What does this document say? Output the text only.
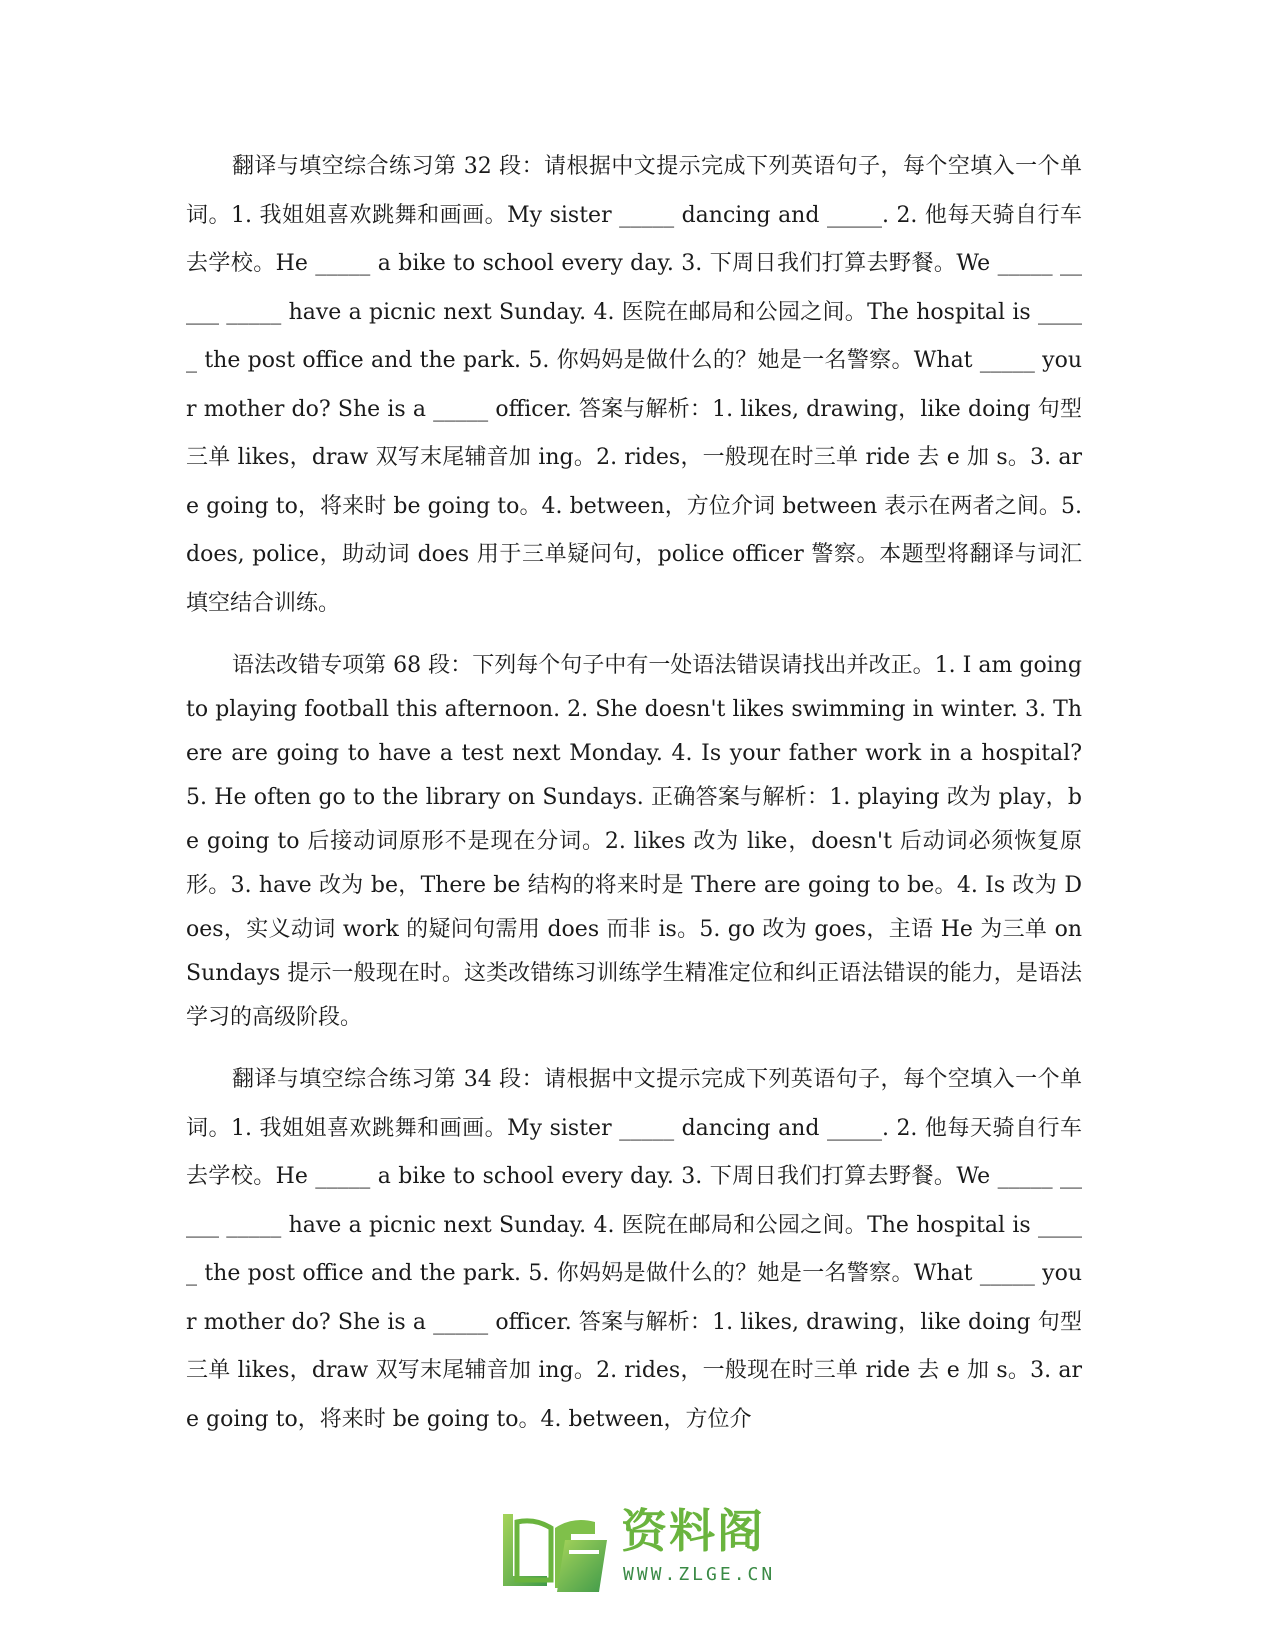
翻译与填空综合练习第 32 段：请根据中文提示完成下列英语句子，每个空填入一个单词。1. 我姐姐喜欢跳舞和画画。My sister _____ dancing and _____. 2. 他每天骑自行车去学校。He _____ a bike to school every day. 3. 下周日我们打算去野餐。We _____ _____ _____ have a picnic next Sunday. 4. 医院在邮局和公园之间。The hospital is _____ the post office and the park. 5. 你妈妈是做什么的？她是一名警察。What _____ your mother do? She is a _____ officer. 答案与解析：1. likes, drawing，like doing 句型三单 likes，draw 双写末尾辅音加 ing。2. rides，一般现在时三单 ride 去 e 加 s。3. are going to，将来时 be going to。4. between，方位介词 between 表示在两者之间。5. does, police，助动词 does 用于三单疑问句，police officer 警察。本题型将翻译与词汇填空结合训练。

语法改错专项第 68 段：下列每个句子中有一处语法错误请找出并改正。1. I am going to playing football this afternoon. 2. She doesn't likes swimming in winter. 3. There are going to have a test next Monday. 4. Is your father work in a hospital? 5. He often go to the library on Sundays. 正确答案与解析：1. playing 改为 play，be going to 后接动词原形不是现在分词。2. likes 改为 like，doesn't 后动词必须恢复原形。3. have 改为 be，There be 结构的将来时是 There are going to be。4. Is 改为 Does，实义动词 work 的疑问句需用 does 而非 is。5. go 改为 goes，主语 He 为三单 on Sundays 提示一般现在时。这类改错练习训练学生精准定位和纠正语法错误的能力，是语法学习的高级阶段。

翻译与填空综合练习第 34 段：请根据中文提示完成下列英语句子，每个空填入一个单词。1. 我姐姐喜欢跳舞和画画。My sister _____ dancing and _____. 2. 他每天骑自行车去学校。He _____ a bike to school every day. 3. 下周日我们打算去野餐。We _____ _____ _____ have a picnic next Sunday. 4. 医院在邮局和公园之间。The hospital is _____ the post office and the park. 5. 你妈妈是做什么的？她是一名警察。What _____ your mother do? She is a _____ officer. 答案与解析：1. likes, drawing，like doing 句型三单 likes，draw 双写末尾辅音加 ing。2. rides，一般现在时三单 ride 去 e 加 s。3. are going to，将来时 be going to。4. between，方位介

资料阁
WWW.ZLGE.CN
